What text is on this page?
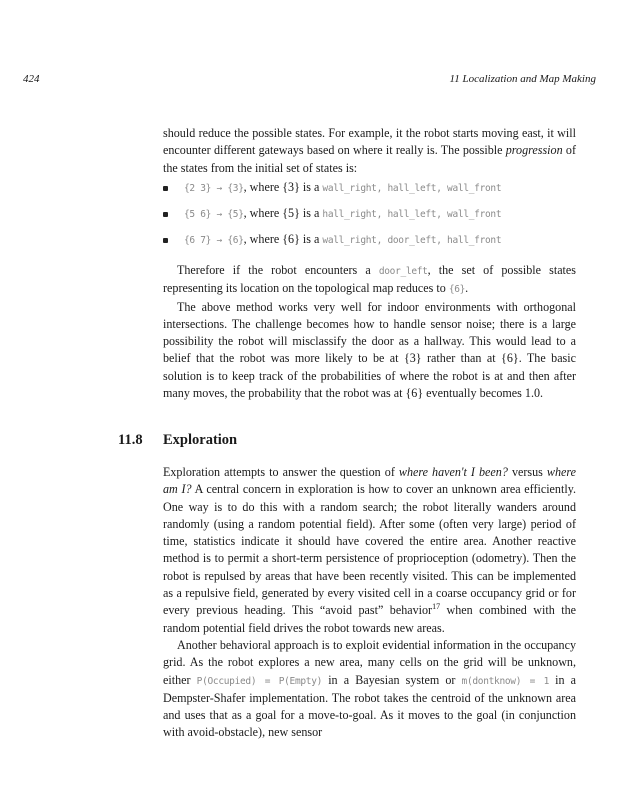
424	11 Localization and Map Making

should reduce the possible states. For example, it the robot starts moving east, it will encounter different gateways based on where it really is. The possible progression of the states from the initial set of states is:

{2 3} → {3}, where {3} is a wall_right, hall_left, wall_front
{5 6} → {5}, where {5} is a hall_right, hall_left, wall_front
{6 7} → {6}, where {6} is a wall_right, door_left, hall_front

Therefore if the robot encounters a door_left, the set of possible states representing its location on the topological map reduces to {6}.

The above method works very well for indoor environments with orthogonal intersections. The challenge becomes how to handle sensor noise; there is a large possibility the robot will misclassify the door as a hallway. This would lead to a belief that the robot was more likely to be at {3} rather than at {6}. The basic solution is to keep track of the probabilities of where the robot is at and then after many moves, the probability that the robot was at {6} eventually becomes 1.0.

11.8 Exploration

Exploration attempts to answer the question of where haven't I been? versus where am I? A central concern in exploration is how to cover an unknown area efficiently. One way is to do this with a random search; the robot literally wanders around randomly (using a random potential field). After some (often very large) period of time, statistics indicate it should have covered the entire area. Another reactive method is to permit a short-term persistence of proprioception (odometry). Then the robot is repulsed by areas that have been recently visited. This can be implemented as a repulsive field, generated by every visited cell in a coarse occupancy grid or for every previous heading. This “avoid past” behavior$^{17}$ when combined with the random potential field drives the robot towards new areas.

Another behavioral approach is to exploit evidential information in the occupancy grid. As the robot explores a new area, many cells on the grid will be unknown, either P(Occupied) = P(Empty) in a Bayesian system or m(dontknow) = 1 in a Dempster-Shafer implementation. The robot takes the centroid of the unknown area and uses that as a goal for a move-to-goal. As it moves to the goal (in conjunction with avoid-obstacle), new sensor
